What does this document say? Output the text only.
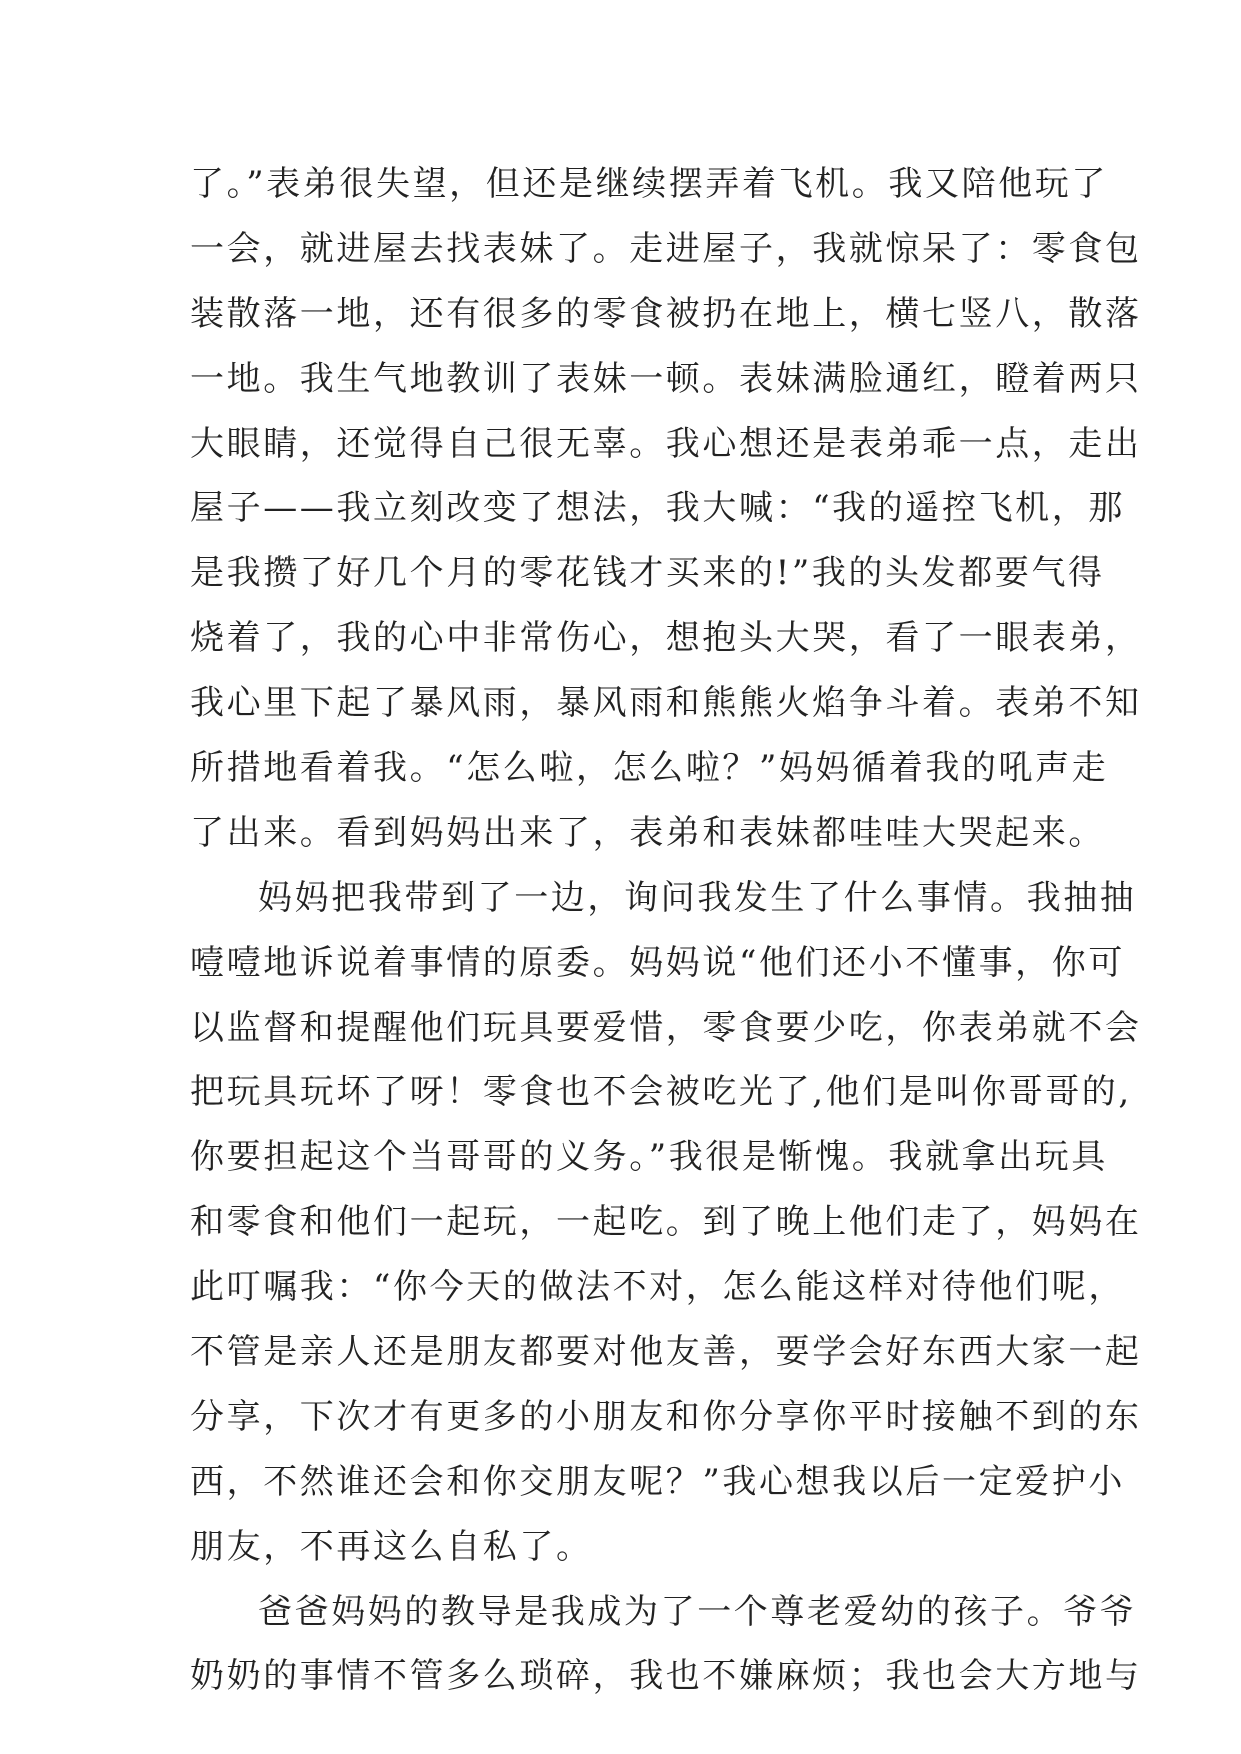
了。”表弟很失望，但还是继续摆弄着飞机。我又陪他玩了
一会，就进屋去找表妹了。走进屋子，我就惊呆了：零食包
装散落一地，还有很多的零食被扔在地上，横七竖八，散落
一地。我生气地教训了表妹一顿。表妹满脸通红，瞪着两只
大眼睛，还觉得自己很无辜。我心想还是表弟乖一点，走出
屋子——我立刻改变了想法，我大喊：“我的遥控飞机，那
是我攒了好几个月的零花钱才买来的!”我的头发都要气得
烧着了，我的心中非常伤心，想抱头大哭，看了一眼表弟，
我心里下起了暴风雨，暴风雨和熊熊火焰争斗着。表弟不知
所措地看着我。“怎么啦，怎么啦？”妈妈循着我的吼声走
了出来。看到妈妈出来了，表弟和表妹都哇哇大哭起来。
妈妈把我带到了一边，询问我发生了什么事情。我抽抽
噎噎地诉说着事情的原委。妈妈说“他们还小不懂事，你可
以监督和提醒他们玩具要爱惜，零食要少吃，你表弟就不会
把玩具玩坏了呀！零食也不会被吃光了,他们是叫你哥哥的,
你要担起这个当哥哥的义务。”我很是惭愧。我就拿出玩具
和零食和他们一起玩，一起吃。到了晚上他们走了，妈妈在
此叮嘱我：“你今天的做法不对，怎么能这样对待他们呢，
不管是亲人还是朋友都要对他友善，要学会好东西大家一起
分享，下次才有更多的小朋友和你分享你平时接触不到的东
西，不然谁还会和你交朋友呢？”我心想我以后一定爱护小
朋友，不再这么自私了。
爸爸妈妈的教导是我成为了一个尊老爱幼的孩子。爷爷
奶奶的事情不管多么琐碎，我也不嫌麻烦；我也会大方地与
